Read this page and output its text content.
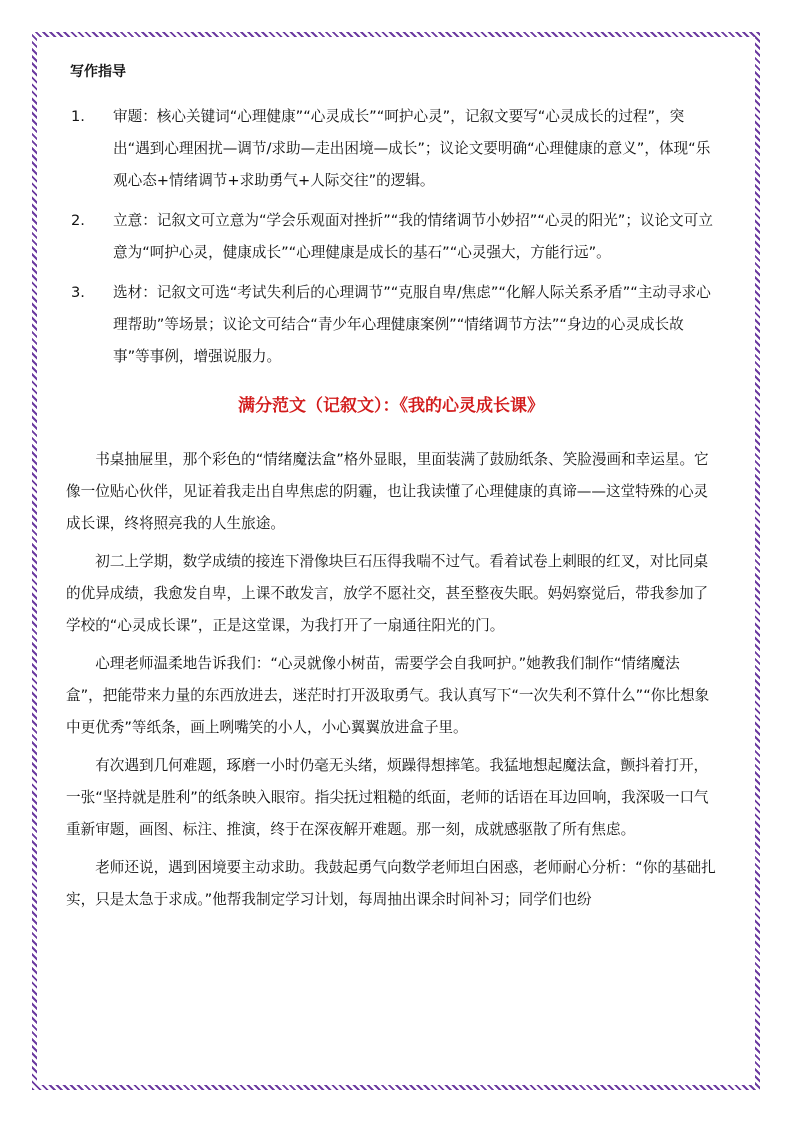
写作指导
1. 审题：核心关键词“心理健康”“心灵成长”“呵护心灵”，记叙文要写“心灵成长的过程”，突出“遇到心理困扰—调节/求助—走出困境—成长”；议论文要明确“心理健康的意义”，体现“乐观心态+情绪调节+求助勇气+人际交往”的逻辑。
2. 立意：记叙文可立意为“学会乐观面对挫折”“我的情绪调节小妙招”“心灵的阳光”；议论文可立意为“呵护心灵，健康成长”“心理健康是成长的基石”“心灵强大，方能行远”。
3. 选材：记叙文可选“考试失利后的心理调节”“克服自卑/焦虑”“化解人际关系矛盾”“主动寻求心理帮助”等场景；议论文可结合“青少年心理健康案例”“情绪调节方法”“身边的心灵成长故事”等事例，增强说服力。
满分范文（记叙文）：《我的心灵成长课》

书桌抽屉里，那个彩色的“情绪魔法盒”格外显眼，里面装满了鼓励纸条、笑脸漫画和幸运星。它像一位贴心伙伴，见证着我走出自卑焦虑的阴霾，也让我读懂了心理健康的真谛——这堂特殊的心灵成长课，终将照亮我的人生旅途。

初二上学期，数学成绩的接连下滑像块巨石压得我喘不过气。看着试卷上刺眼的红叉，对比同桌的优异成绩，我愈发自卑，上课不敢发言，放学不愿社交，甚至整夜失眠。妈妈察觉后，带我参加了学校的“心灵成长课”，正是这堂课，为我打开了一扇通往阳光的门。

心理老师温柔地告诉我们：“心灵就像小树苗，需要学会自我呵护。”她教我们制作“情绪魔法盒”，把能带来力量的东西放进去，迷茫时打开汲取勇气。我认真写下“一次失利不算什么”“你比想象中更优秀”等纸条，画上咧嘴笑的小人，小心翼翼放进盒子里。

有次遇到几何难题，琢磨一小时仍毫无头绪，烦躁得想摔笔。我猛地想起魔法盒，颤抖着打开，一张“坚持就是胜利”的纸条映入眼帘。指尖抚过粗糙的纸面，老师的话语在耳边回响，我深吸一口气重新审题，画图、标注、推演，终于在深夜解开难题。那一刻，成就感驱散了所有焦虑。

老师还说，遇到困境要主动求助。我鼓起勇气向数学老师坦白困惑，老师耐心分析：“你的基础扎实，只是太急于求成。”他帮我制定学习计划，每周抽出课余时间补习；同学们也纷
